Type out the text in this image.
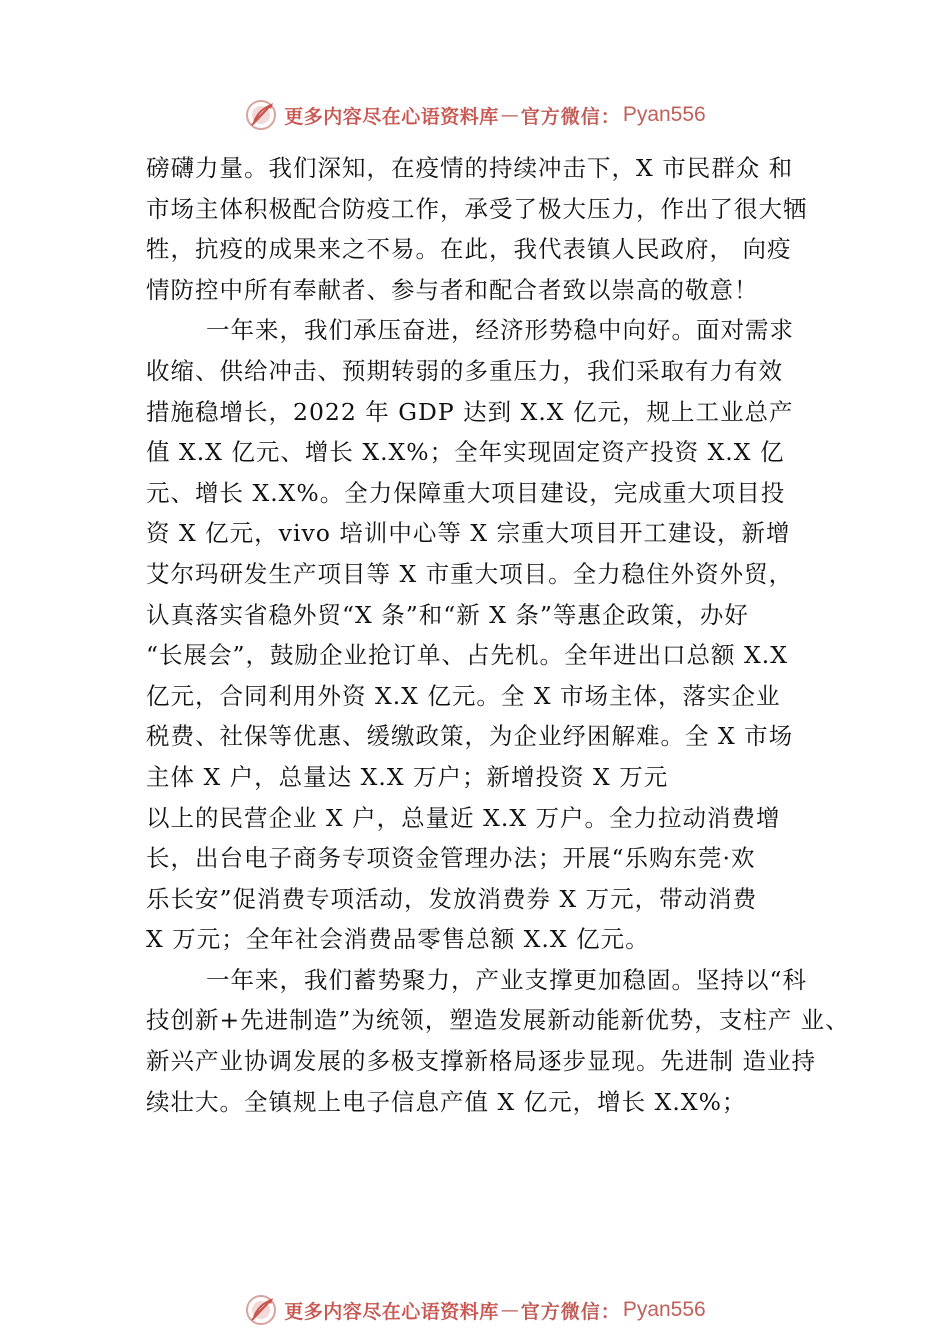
更多内容尽在心语资料库 — 官方微信： Pyan556
磅礴力量。我们深知，在疫情的持续冲击下，X 市民群众 和
市场主体积极配合防疫工作，承受了极大压力，作出了很大牺
牲，抗疫的成果来之不易。在此，我代表镇人民政府， 向疫
情防控中所有奉献者、参与者和配合者致以崇高的敬意！
一年来，我们承压奋进，经济形势稳中向好。面对需求
收缩、供给冲击、预期转弱的多重压力，我们采取有力有效
措施稳增长，2022 年 GDP 达到 X.X 亿元，规上工业总产
值 X.X 亿元、增长 X.X%；全年实现固定资产投资 X.X 亿
元、增长 X.X%。全力保障重大项目建设，完成重大项目投
资 X 亿元，vivo 培训中心等 X 宗重大项目开工建设，新增
艾尔玛研发生产项目等 X 市重大项目。全力稳住外资外贸，
认真落实省稳外贸“X 条”和“新 X 条”等惠企政策，办好
“长展会”，鼓励企业抢订单、占先机。全年进出口总额 X.X
亿元，合同利用外资 X.X 亿元。全 X 市场主体，落实企业
税费、社保等优惠、缓缴政策，为企业纾困解难。全 X 市场
主体 X 户，总量达 X.X 万户；新增投资 X 万元
以上的民营企业 X 户，总量近 X.X 万户。全力拉动消费增
长，出台电子商务专项资金管理办法；开展“乐购东莞·欢
乐长安”促消费专项活动，发放消费券 X 万元，带动消费
X 万元；全年社会消费品零售总额 X.X 亿元。
一年来，我们蓄势聚力，产业支撑更加稳固。坚持以“科
技创新+先进制造”为统领，塑造发展新动能新优势，支柱产 业、
新兴产业协调发展的多极支撑新格局逐步显现。先进制 造业持
续壮大。全镇规上电子信息产值 X 亿元，增长 X.X%；
更多内容尽在心语资料库 — 官方微信： Pyan556
